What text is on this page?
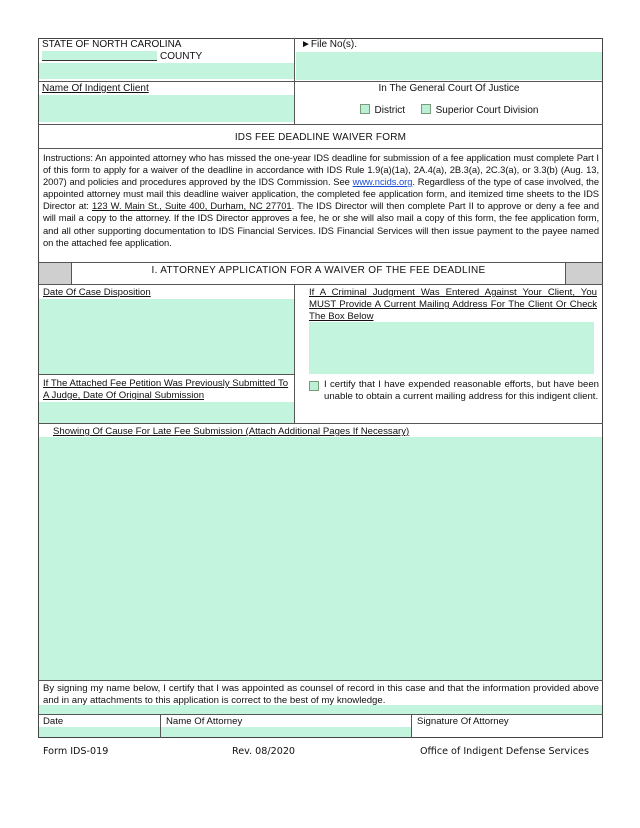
STATE OF NORTH CAROLINA
COUNTY
►File No(s).
Name Of Indigent Client	In The General Court Of Justice
District	Superior Court Division
IDS FEE DEADLINE WAIVER FORM
Instructions: An appointed attorney who has missed the one-year IDS deadline for submission of a fee application must complete Part I of this form to apply for a waiver of the deadline in accordance with IDS Rule 1.9(a)(1a), 2A.4(a), 2B.3(a), 2C.3(a), or 3.3(b) (Aug. 13, 2007) and policies and procedures approved by the IDS Commission. See www.ncids.org. Regardless of the type of case involved, the appointed attorney must mail this deadline waiver application, the completed fee application form, and itemized time sheets to the IDS Director at: 123 W. Main St., Suite 400, Durham, NC 27701. The IDS Director will then complete Part II to approve or deny a fee and will mail a copy to the attorney. If the IDS Director approves a fee, he or she will also mail a copy of this form, the fee application form, and all other supporting documentation to IDS Financial Services. IDS Financial Services will then issue payment to the payee named on the attached fee application.
I. ATTORNEY APPLICATION FOR A WAIVER OF THE FEE DEADLINE
Date Of Case Disposition
If The Attached Fee Petition Was Previously Submitted To A Judge, Date Of Original Submission
If A Criminal Judgment Was Entered Against Your Client, You MUST Provide A Current Mailing Address For The Client Or Check The Box Below
I certify that I have expended reasonable efforts, but have been unable to obtain a current mailing address for this indigent client.
Showing Of Cause For Late Fee Submission (Attach Additional Pages If Necessary)
By signing my name below, I certify that I was appointed as counsel of record in this case and that the information provided above and in any attachments to this application is correct to the best of my knowledge.
Date	Name Of Attorney	Signature Of Attorney
Form IDS-019	Rev. 08/2020	Office of Indigent Defense Services
